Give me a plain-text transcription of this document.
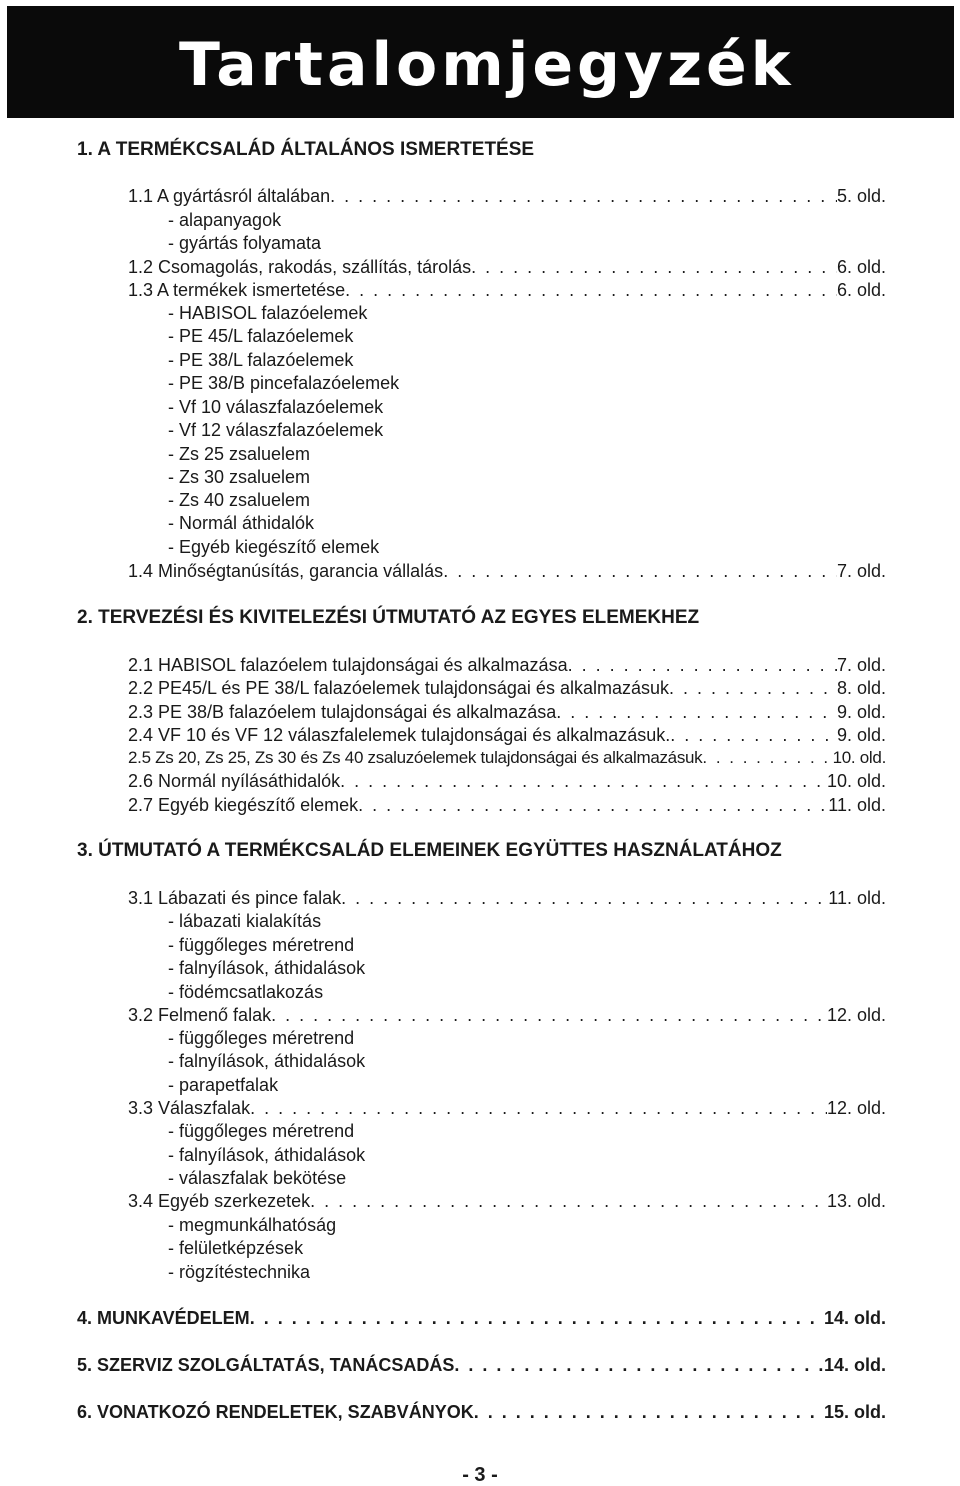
Tartalomjegyzék
1. A TERMÉKCSALÁD ÁLTALÁNOS ISMERTETÉSE
1.1 A gyártásról általában . . .	5. old.
- alapanyagok
- gyártás folyamata
1.2 Csomagolás, rakodás, szállítás, tárolás . . .	6. old.
1.3 A termékek ismertetése . . .	6. old.
- HABISOL falazóelemek
- PE 45/L falazóelemek
- PE 38/L falazóelemek
- PE 38/B pincefalazóelemek
- Vf 10 válaszfalazóelemek
- Vf 12 válaszfalazóelemek
- Zs 25 zsaluelem
- Zs 30 zsaluelem
- Zs 40 zsaluelem
- Normál áthidalók
- Egyéb kiegészítő elemek
1.4 Minőségtanúsítás, garancia vállalás . . .	7. old.
2. TERVEZÉSI ÉS KIVITELEZÉSI ÚTMUTATÓ AZ EGYES ELEMEKHEZ
2.1 HABISOL falazóelem tulajdonságai és alkalmazása . . .	7. old.
2.2 PE45/L és PE 38/L falazóelemek tulajdonságai és alkalmazásuk . . .	8. old.
2.3 PE 38/B falazóelem tulajdonságai és alkalmazása . . .	9. old.
2.4 VF 10 és VF 12 válaszfalelemek tulajdonságai és alkalmazásuk. . . .	9. old.
2.5 Zs 20, Zs 25, Zs 30 és Zs 40 zsaluzóelemek tulajdonságai és alkalmazásuk . . .	10. old.
2.6 Normál nyílásáthidalók . . .	10. old.
2.7 Egyéb kiegészítő elemek . . .	11. old.
3. ÚTMUTATÓ A TERMÉKCSALÁD ELEMEINEK EGYÜTTES HASZNÁLATÁHOZ
3.1 Lábazati és pince falak . . .	11. old.
- lábazati kialakítás
- függőleges méretrend
- falnyílások, áthidalások
- födémcsatlakozás
3.2 Felmenő falak . . .	12. old.
- függőleges méretrend
- falnyílások, áthidalások
- parapetfalak
3.3 Válaszfalak . . .	12. old.
- függőleges méretrend
- falnyílások, áthidalások
- válaszfalak bekötése
3.4 Egyéb szerkezetek . . .	13. old.
- megmunkálhatóság
- felületképzések
- rögzítéstechnika
4. MUNKAVÉDELEM . . .	14. old.
5. SZERVIZ SZOLGÁLTATÁS, TANÁCSADÁS . . .	14. old.
6. VONATKOZÓ RENDELETEK, SZABVÁNYOK . . .	15. old.
- 3 -
